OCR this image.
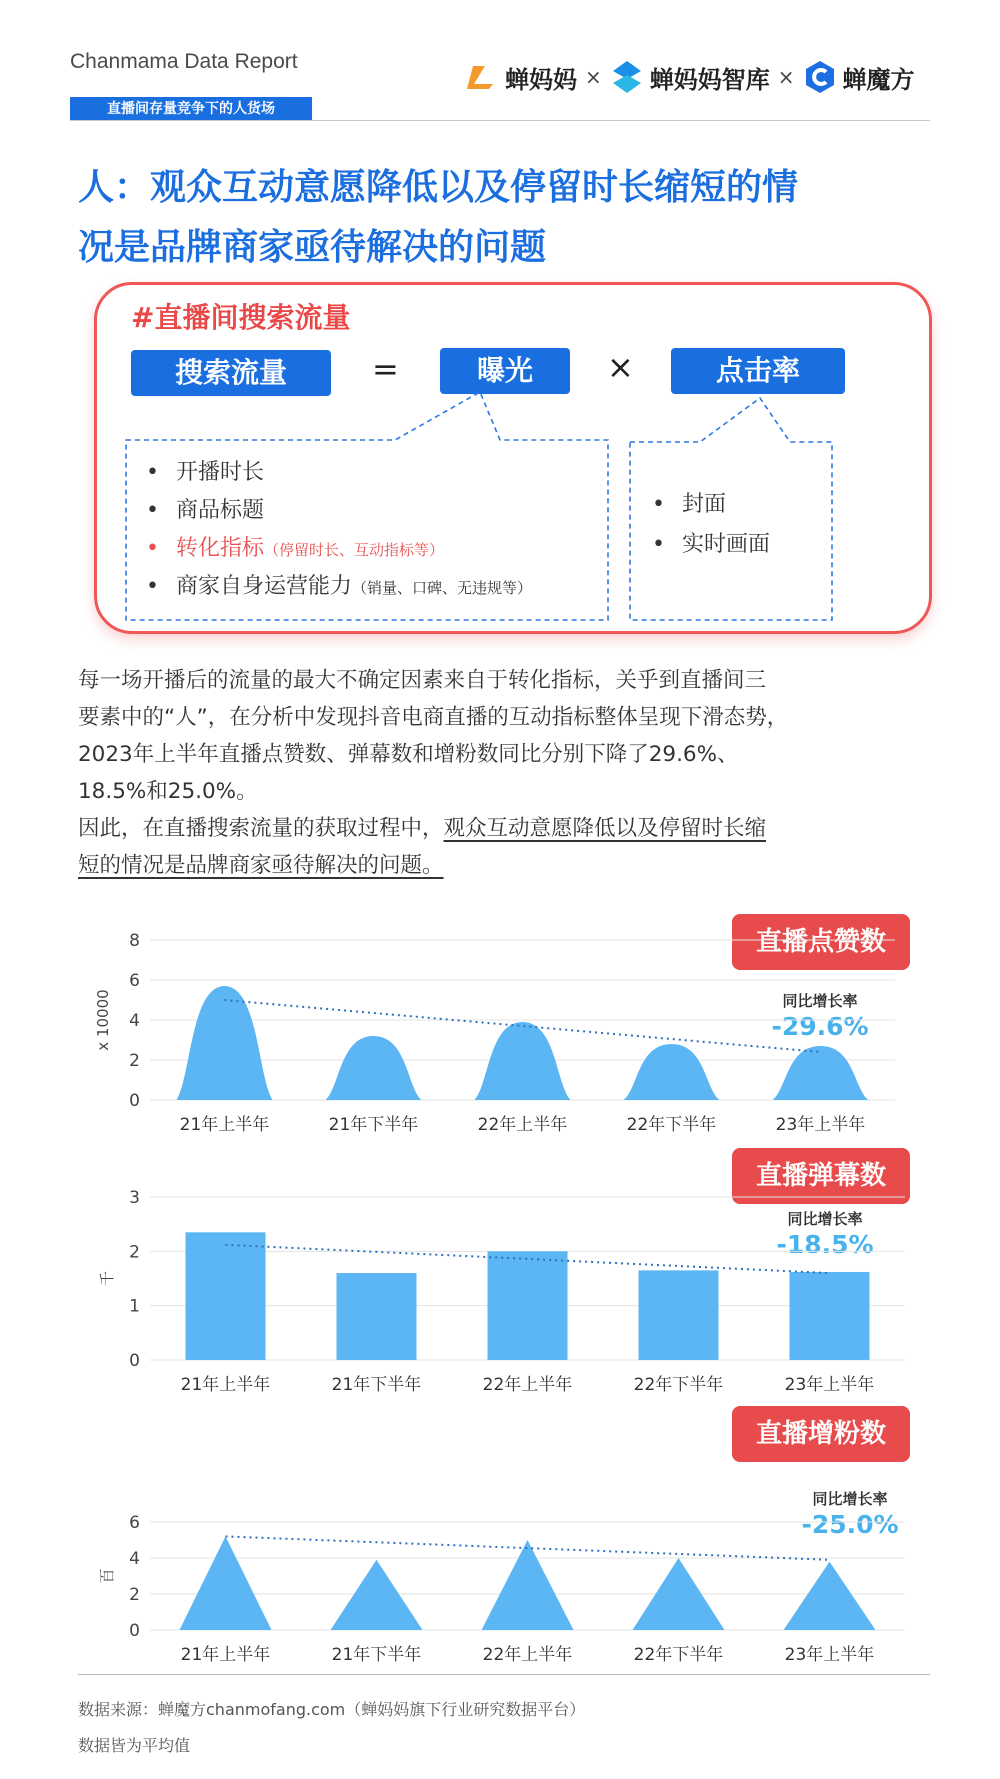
Chanmama Data Report
直播间存量竞争下的人货场
蝉妈妈 × 蝉妈妈智库 × 蝉魔方
人：观众互动意愿降低以及停留时长缩短的情
况是品牌商家亟待解决的问题
#直播间搜索流量
搜索流量	=	曝光	×	点击率
• 开播时长
• 商品标题
• 转化指标（停留时长、互动指标等）
• 商家自身运营能力（销量、口碑、无违规等）
• 封面
• 实时画面

每一场开播后的流量的最大不确定因素来自于转化指标，关乎到直播间三

要素中的“人”，在分析中发现抖音电商直播的互动指标整体呈现下滑态势，

2023年上半年直播点赞数、弹幕数和增粉数同比分别下降了29.6%、

18.5%和25.0%。

因此，在直播搜索流量的获取过程中，观众互动意愿降低以及停留时长缩

短的情况是品牌商家亟待解决的问题。

直播点赞数
同比增长率
-29.6%
0
2
4
6
8
x 10000
21年上半年	21年下半年	22年上半年	22年下半年	23年上半年
直播弹幕数
同比增长率
-18.5%
0
1
2
3
千
21年上半年	21年下半年	22年上半年	22年下半年	23年上半年
直播增粉数
同比增长率
-25.0%
0
2
4
6
百
21年上半年	21年下半年	22年上半年	22年下半年	23年上半年
数据来源：蝉魔方chanmofang.com（蝉妈妈旗下行业研究数据平台）
数据皆为平均值
